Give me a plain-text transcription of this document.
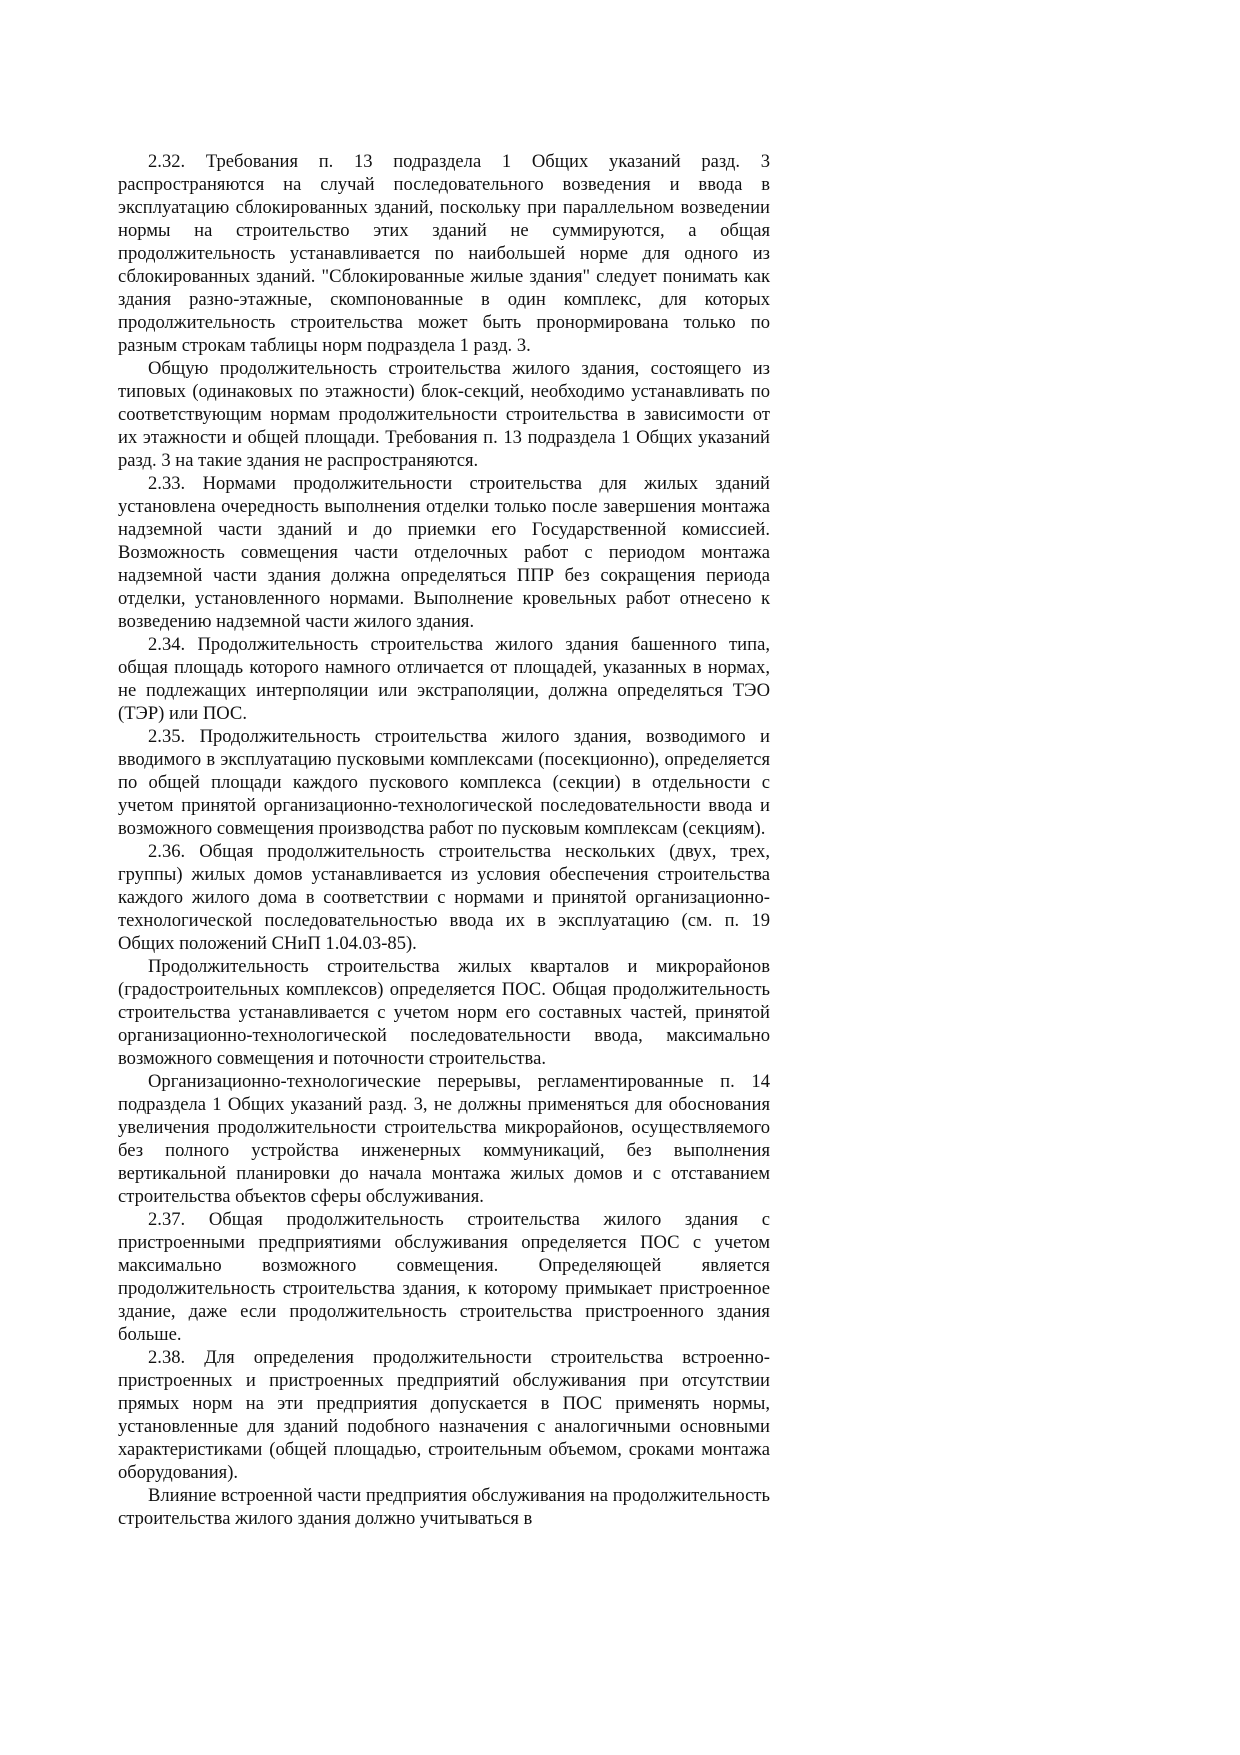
2.32. Требования п. 13 подраздела 1 Общих указаний разд. 3 распространяются на случай последовательного возведения и ввода в эксплуатацию сблокированных зданий, поскольку при параллельном возведении нормы на строительство этих зданий не суммируются, а общая продолжительность устанавливается по наибольшей норме для одного из сблокированных зданий. "Сблокированные жилые здания" следует понимать как здания разно-этажные, скомпонованные в один комплекс, для которых продолжительность строительства может быть пронормирована только по разным строкам таблицы норм подраздела 1 разд. 3.

Общую продолжительность строительства жилого здания, состоящего из типовых (одинаковых по этажности) блок-секций, необходимо устанавливать по соответствующим нормам продолжительности строительства в зависимости от их этажности и общей площади. Требования п. 13 подраздела 1 Общих указаний разд. 3 на такие здания не распространяются.

2.33. Нормами продолжительности строительства для жилых зданий установлена очередность выполнения отделки только после завершения монтажа надземной части зданий и до приемки его Государственной комиссией. Возможность совмещения части отделочных работ с периодом монтажа надземной части здания должна определяться ППР без сокращения периода отделки, установленного нормами. Выполнение кровельных работ отнесено к возведению надземной части жилого здания.

2.34. Продолжительность строительства жилого здания башенного типа, общая площадь которого намного отличается от площадей, указанных в нормах, не подлежащих интерполяции или экстраполяции, должна определяться ТЭО (ТЭР) или ПОС.

2.35. Продолжительность строительства жилого здания, возводимого и вводимого в эксплуатацию пусковыми комплексами (посекционно), определяется по общей площади каждого пускового комплекса (секции) в отдельности с учетом принятой организационно-технологической последовательности ввода и возможного совмещения производства работ по пусковым комплексам (секциям).

2.36. Общая продолжительность строительства нескольких (двух, трех, группы) жилых домов устанавливается из условия обеспечения строительства каждого жилого дома в соответствии с нормами и принятой организационно-технологической последовательностью ввода их в эксплуатацию (см. п. 19 Общих положений СНиП 1.04.03-85).

Продолжительность строительства жилых кварталов и микрорайонов (градостроительных комплексов) определяется ПОС. Общая продолжительность строительства устанавливается с учетом норм его составных частей, принятой организационно-технологической последовательности ввода, максимально возможного совмещения и поточности строительства.

Организационно-технологические перерывы, регламентированные п. 14 подраздела 1 Общих указаний разд. 3, не должны применяться для обоснования увеличения продолжительности строительства микрорайонов, осуществляемого без полного устройства инженерных коммуникаций, без выполнения вертикальной планировки до начала монтажа жилых домов и с отставанием строительства объектов сферы обслуживания.

2.37. Общая продолжительность строительства жилого здания с пристроенными предприятиями обслуживания определяется ПОС с учетом максимально возможного совмещения. Определяющей является продолжительность строительства здания, к которому примыкает пристроенное здание, даже если продолжительность строительства пристроенного здания больше.

2.38. Для определения продолжительности строительства встроенно-пристроенных и пристроенных предприятий обслуживания при отсутствии прямых норм на эти предприятия допускается в ПОС применять нормы, установленные для зданий подобного назначения с аналогичными основными характеристиками (общей площадью, строительным объемом, сроками монтажа оборудования).

Влияние встроенной части предприятия обслуживания на продолжительность строительства жилого здания должно учитываться в
